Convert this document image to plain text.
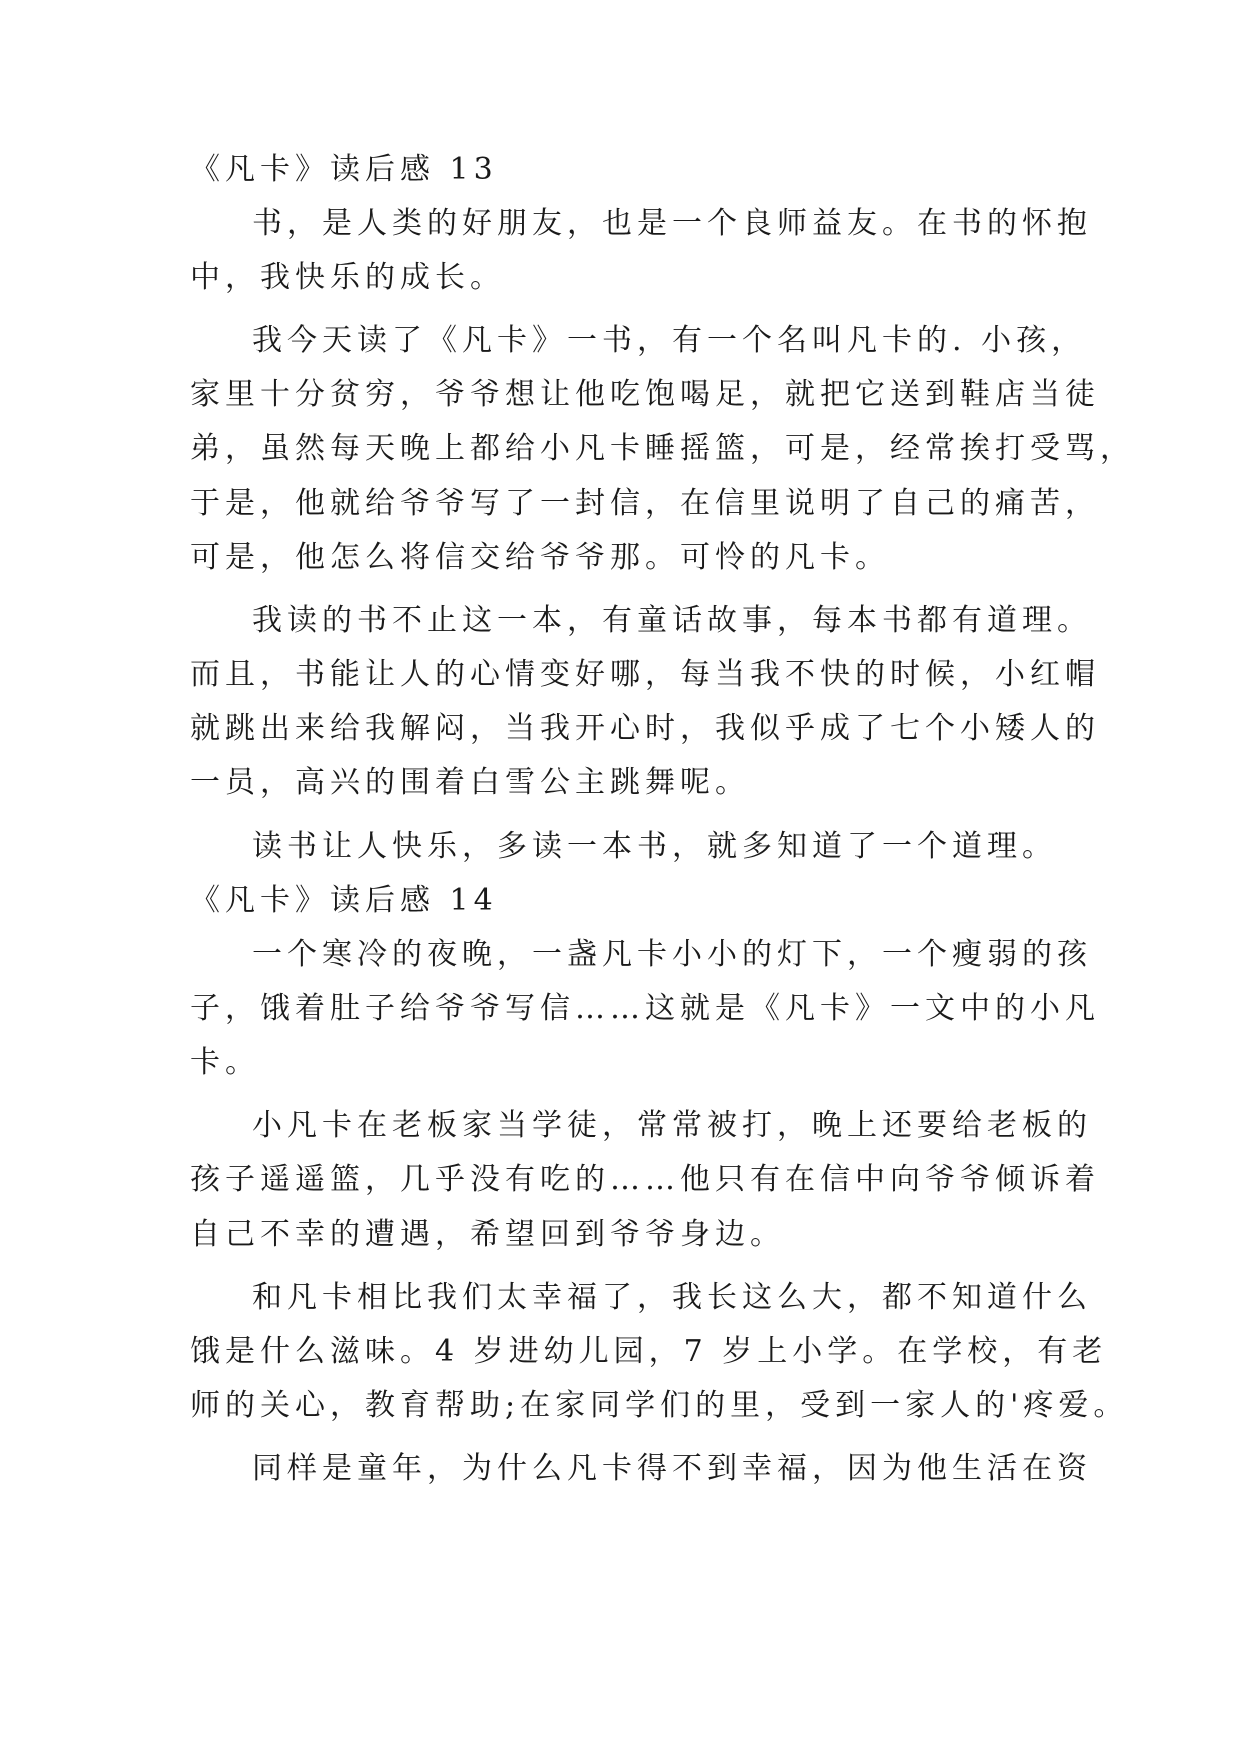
《凡卡》读后感 13
书，是人类的好朋友，也是一个良师益友。在书的怀抱
中，我快乐的成长。
我今天读了《凡卡》一书，有一个名叫凡卡的. 小孩，
家里十分贫穷，爷爷想让他吃饱喝足，就把它送到鞋店当徒
弟，虽然每天晚上都给小凡卡睡摇篮，可是，经常挨打受骂，
于是，他就给爷爷写了一封信，在信里说明了自己的痛苦，
可是，他怎么将信交给爷爷那。可怜的凡卡。
我读的书不止这一本，有童话故事，每本书都有道理。
而且，书能让人的心情变好哪，每当我不快的时候，小红帽
就跳出来给我解闷，当我开心时，我似乎成了七个小矮人的
一员，高兴的围着白雪公主跳舞呢。
读书让人快乐，多读一本书，就多知道了一个道理。
《凡卡》读后感 14
一个寒冷的夜晚，一盏凡卡小小的灯下，一个瘦弱的孩
子，饿着肚子给爷爷写信……这就是《凡卡》一文中的小凡
卡。
小凡卡在老板家当学徒，常常被打，晚上还要给老板的
孩子遥遥篮，几乎没有吃的……他只有在信中向爷爷倾诉着
自己不幸的遭遇，希望回到爷爷身边。
和凡卡相比我们太幸福了，我长这么大，都不知道什么
饿是什么滋味。4 岁进幼儿园，7 岁上小学。在学校，有老
师的关心，教育帮助;在家同学们的里，受到一家人的'疼爱。
同样是童年，为什么凡卡得不到幸福，因为他生活在资
